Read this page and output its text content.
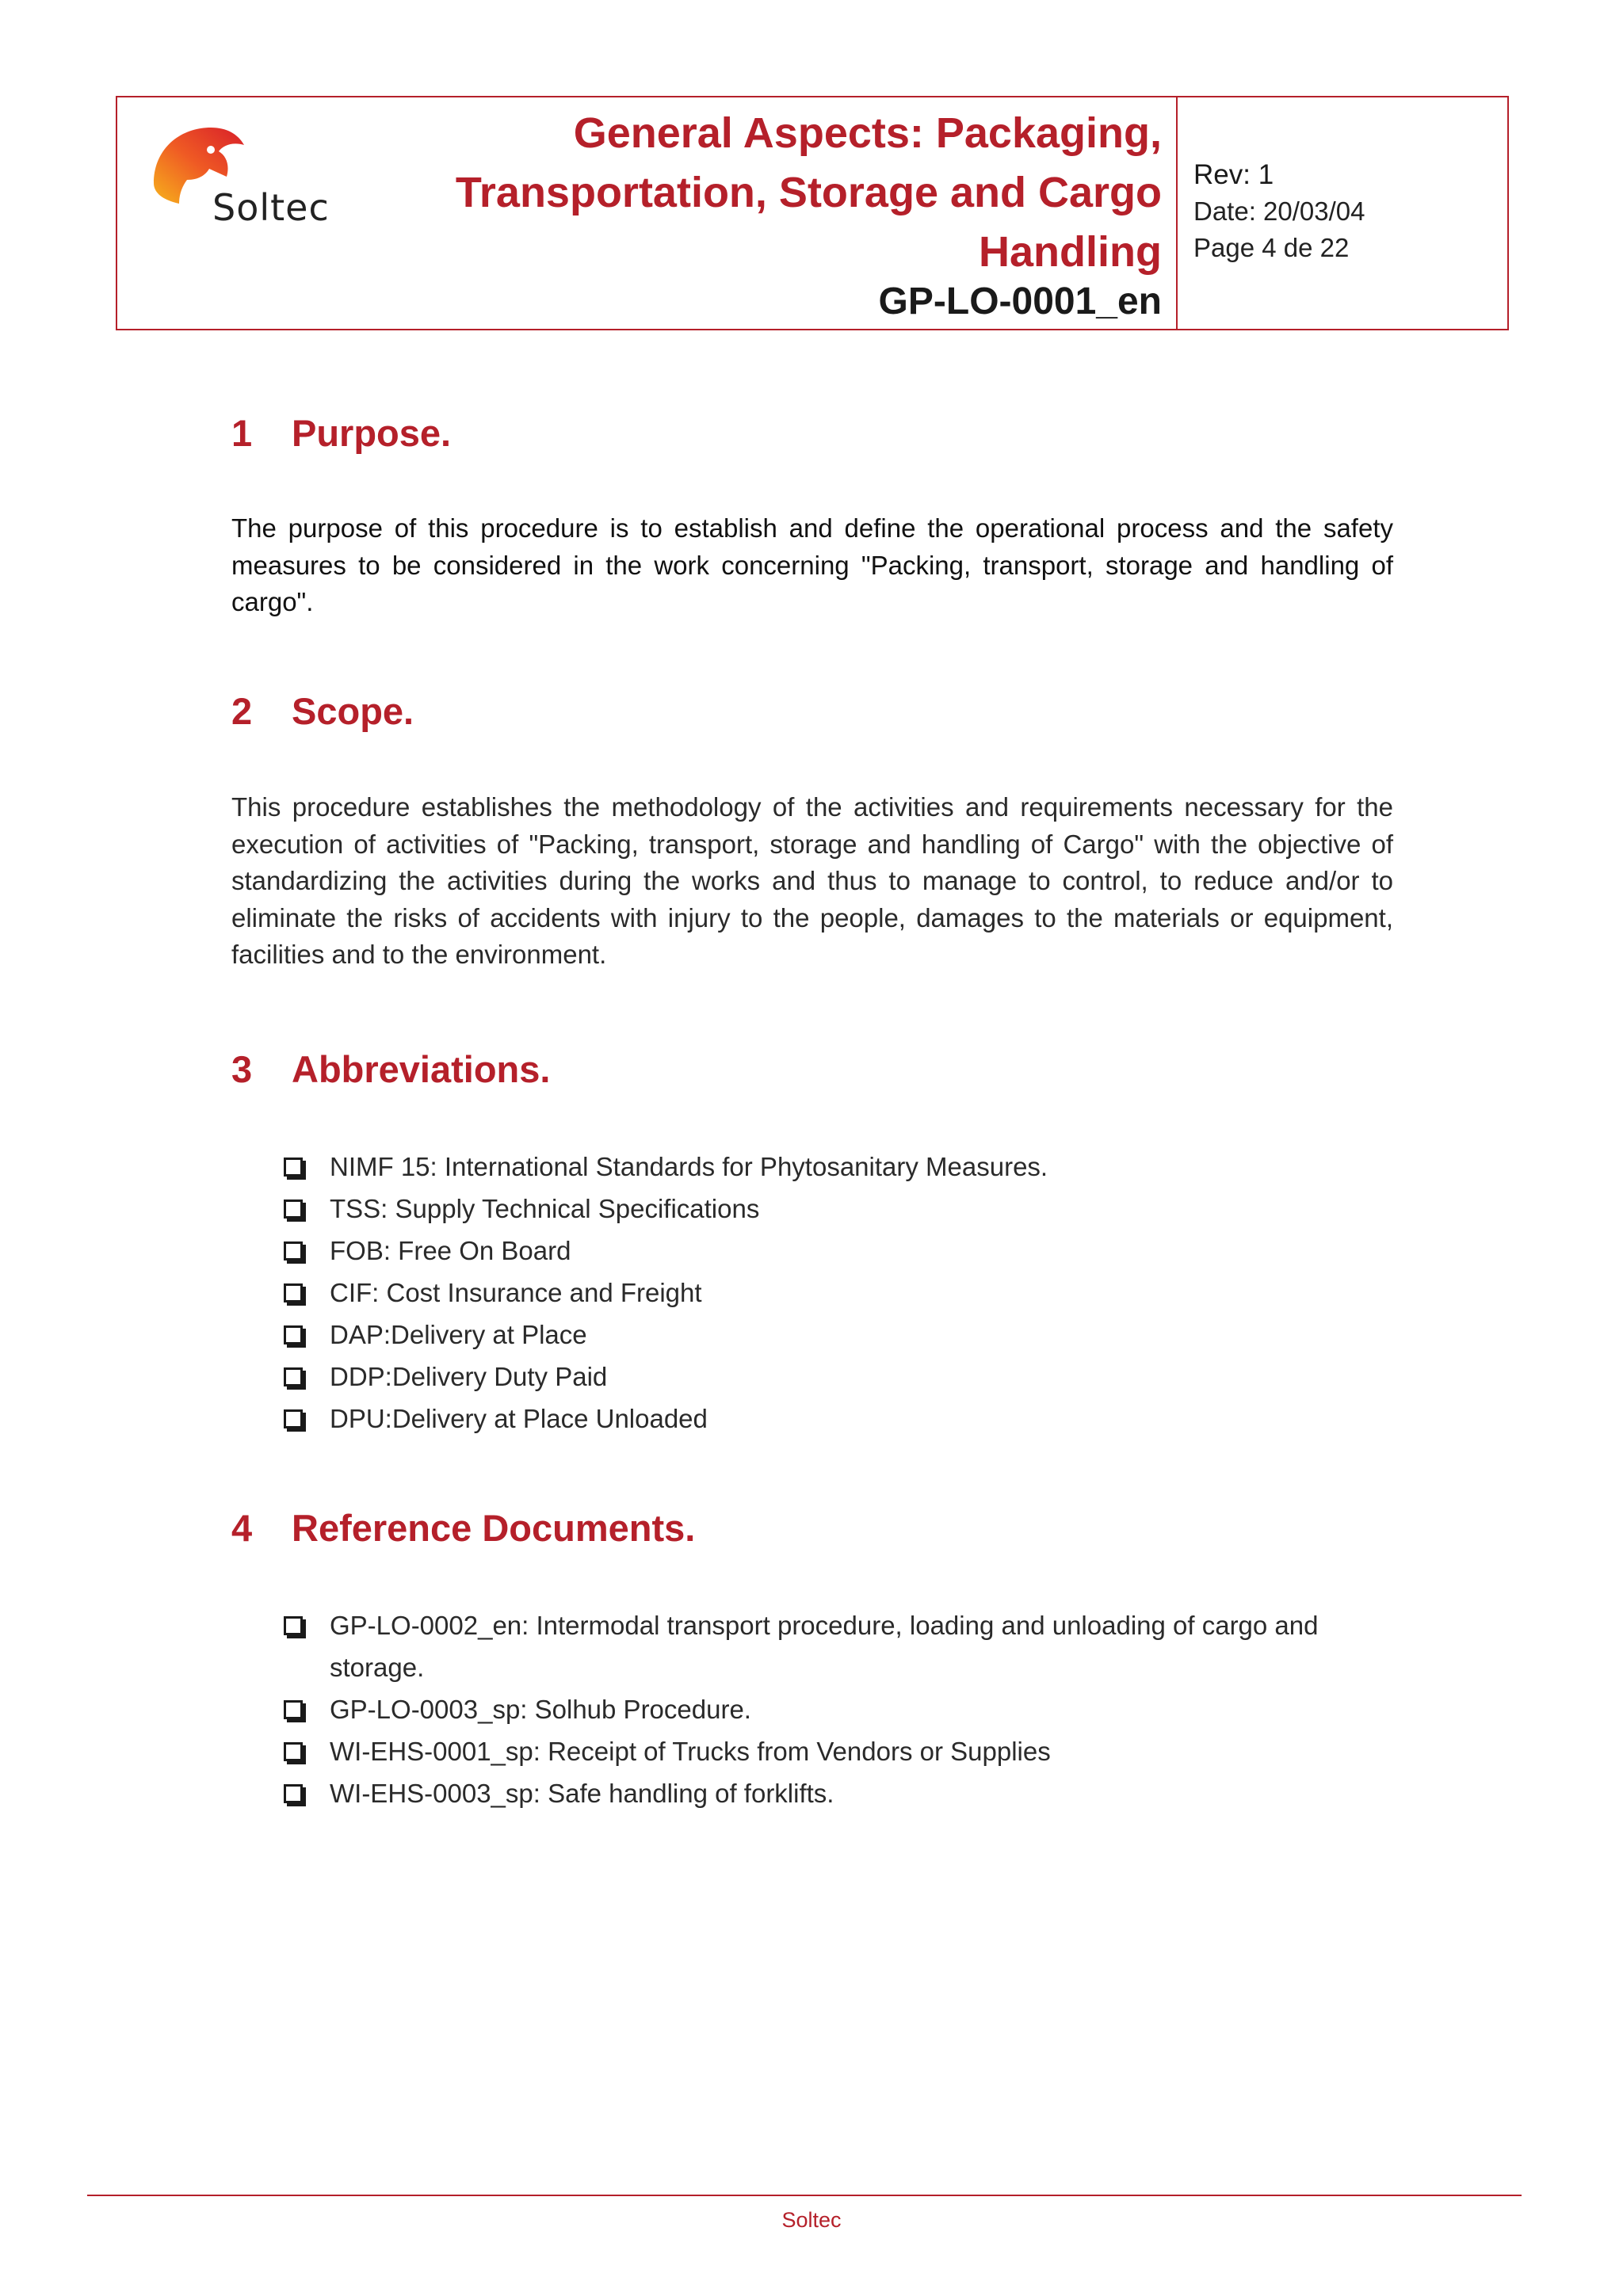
Soltec
General Aspects: Packaging,
Transportation, Storage and Cargo
Handling
GP-LO-0001_en
Rev: 1
Date: 20/03/04
Page 4 de 22
1 Purpose.
The purpose of this procedure is to establish and define the operational process and the safety measures to be considered in the work concerning "Packing, transport, storage and handling of cargo".
2 Scope.
This procedure establishes the methodology of the activities and requirements necessary for the execution of activities of "Packing, transport, storage and handling of Cargo" with the objective of standardizing the activities during the works and thus to manage to control, to reduce and/or to eliminate the risks of accidents with injury to the people, damages to the materials or equipment, facilities and to the environment.
3 Abbreviations.
NIMF 15: International Standards for Phytosanitary Measures.
TSS: Supply Technical Specifications
FOB: Free On Board
CIF: Cost Insurance and Freight
DAP:Delivery at Place
DDP:Delivery Duty Paid
DPU:Delivery at Place Unloaded
4 Reference Documents.
GP-LO-0002_en: Intermodal transport procedure, loading and unloading of cargo and storage.
GP-LO-0003_sp: Solhub Procedure.
WI-EHS-0001_sp: Receipt of Trucks from Vendors or Supplies
WI-EHS-0003_sp: Safe handling of forklifts.
Soltec
